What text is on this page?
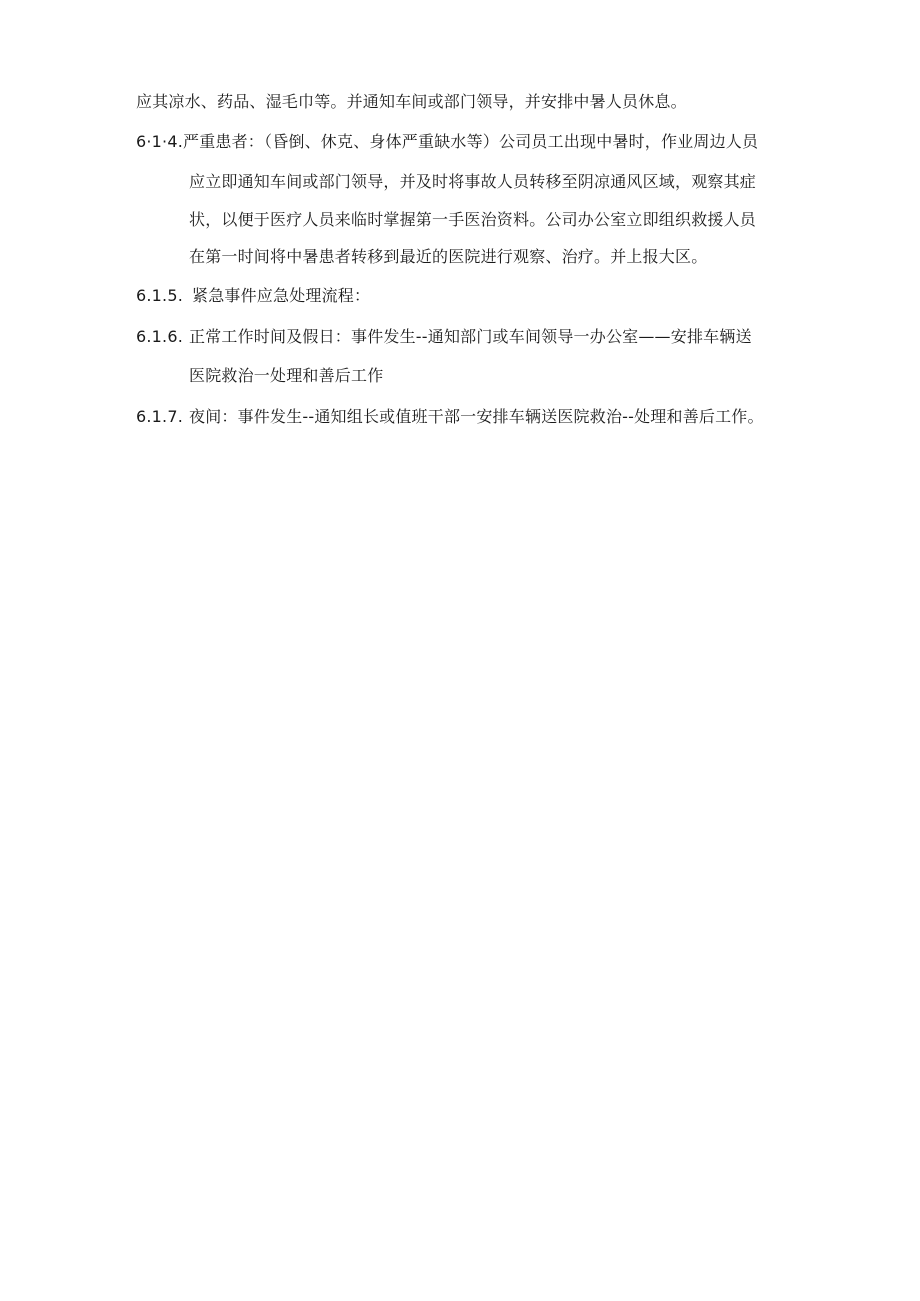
应其凉水、药品、湿毛巾等。并通知车间或部门领导，并安排中暑人员休息。
6·1·4.严重患者：（昏倒、休克、身体严重缺水等）公司员工出现中暑时，作业周边人员
应立即通知车间或部门领导，并及时将事故人员转移至阴凉通风区域，观察其症
状，以便于医疗人员来临时掌握第一手医治资料。公司办公室立即组织救援人员
在第一时间将中暑患者转移到最近的医院进行观察、治疗。并上报大区。
6.1.5. 紧急事件应急处理流程：
6.1.6. 正常工作时间及假日：事件发生--通知部门或车间领导一办公室——安排车辆送
医院救治一处理和善后工作
6.1.7. 夜间：事件发生--通知组长或值班干部一安排车辆送医院救治--处理和善后工作。
